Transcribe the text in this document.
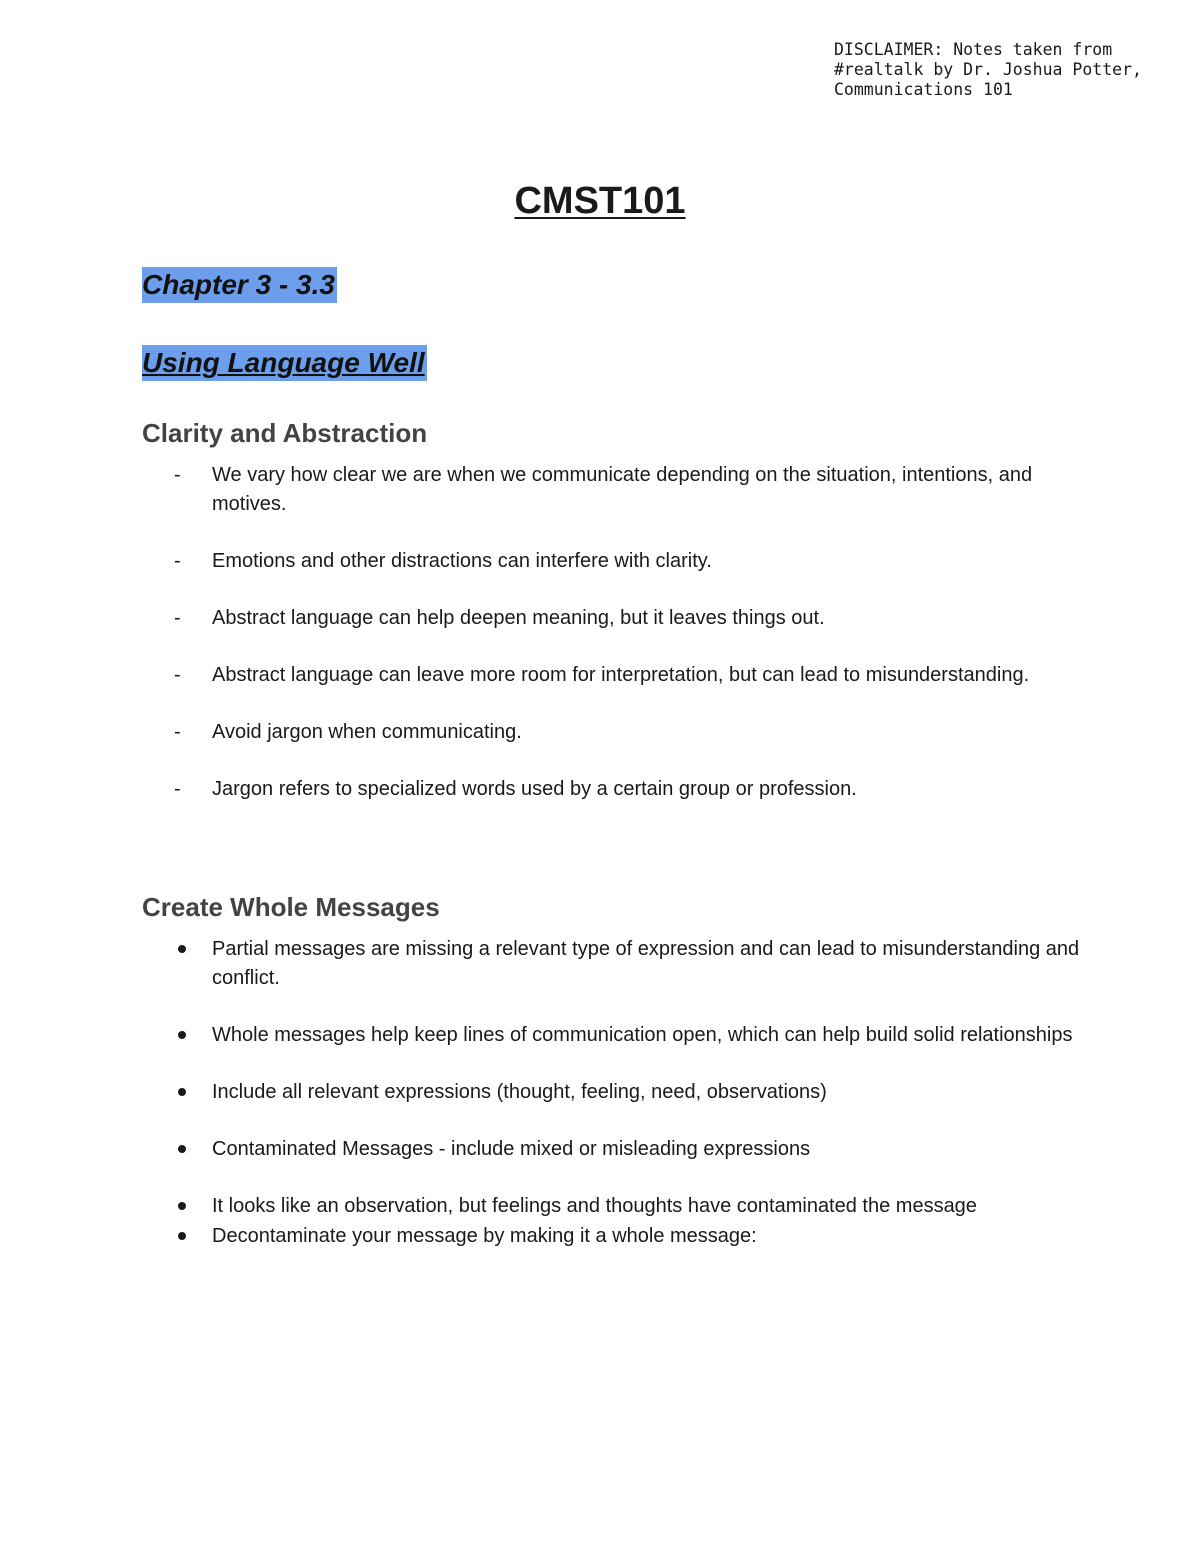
DISCLAIMER: Notes taken from
#realtalk by Dr. Joshua Potter,
Communications 101
CMST101
Chapter 3 - 3.3
Using Language Well
Clarity and Abstraction
- We vary how clear we are when we communicate depending on the situation, intentions, and motives.
- Emotions and other distractions can interfere with clarity.
- Abstract language can help deepen meaning, but it leaves things out.
- Abstract language can leave more room for interpretation, but can lead to misunderstanding.
- Avoid jargon when communicating.
- Jargon refers to specialized words used by a certain group or profession.
Create Whole Messages
Partial messages are missing a relevant type of expression and can lead to misunderstanding and conflict.
Whole messages help keep lines of communication open, which can help build solid relationships
Include all relevant expressions (thought, feeling, need, observations)
Contaminated Messages - include mixed or misleading expressions
It looks like an observation, but feelings and thoughts have contaminated the message
Decontaminate your message by making it a whole message:
